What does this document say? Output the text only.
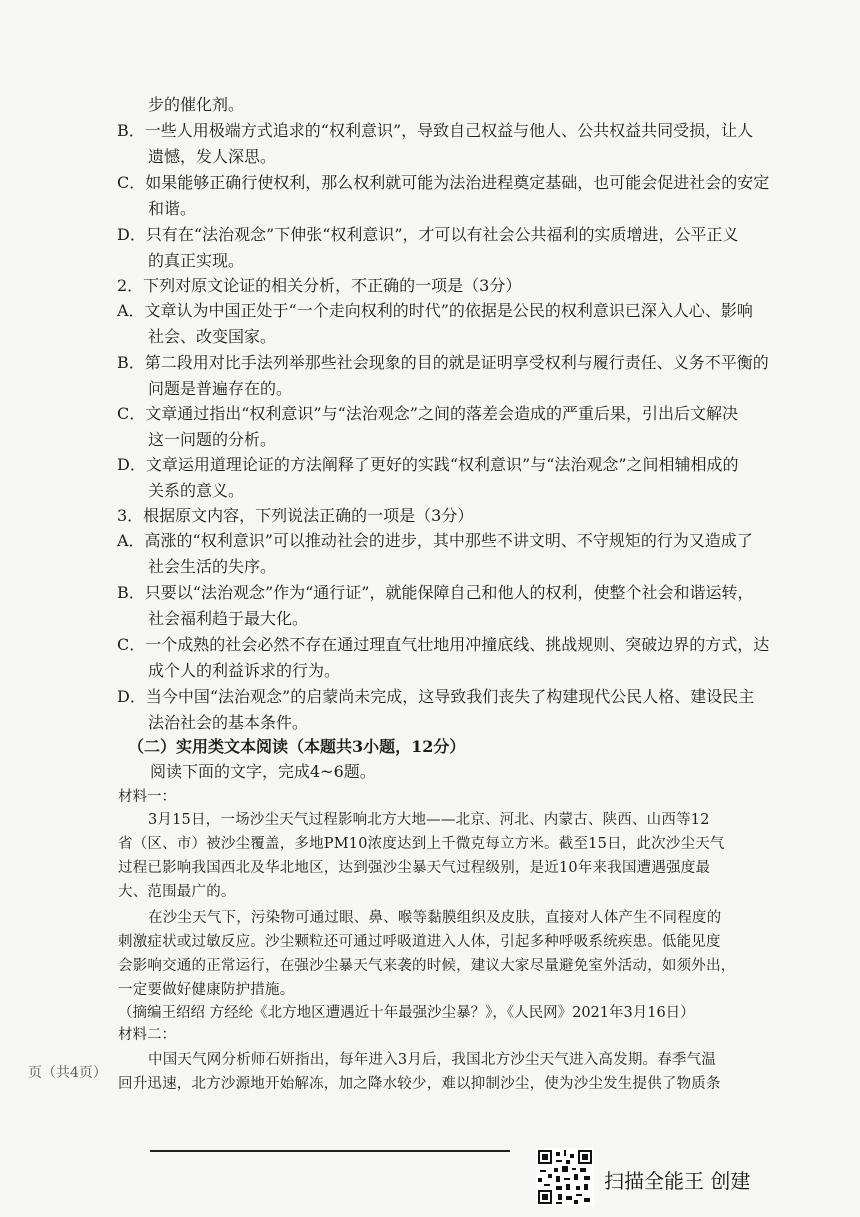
步的催化剂。
B．一些人用极端方式追求的“权利意识”，导致自己权益与他人、公共权益共同受损，让人
遗憾，发人深思。
C．如果能够正确行使权利，那么权利就可能为法治进程奠定基础，也可能会促进社会的安定
和谐。
D．只有在“法治观念”下伸张“权利意识”，才可以有社会公共福利的实质增进，公平正义
的真正实现。
2．下列对原文论证的相关分析，不正确的一项是（3分）
A．文章认为中国正处于“一个走向权利的时代”的依据是公民的权利意识已深入人心、影响
社会、改变国家。
B．第二段用对比手法列举那些社会现象的目的就是证明享受权利与履行责任、义务不平衡的
问题是普遍存在的。
C．文章通过指出“权利意识”与“法治观念”之间的落差会造成的严重后果，引出后文解决
这一问题的分析。
D．文章运用道理论证的方法阐释了更好的实践“权利意识”与“法治观念”之间相辅相成的
关系的意义。
3．根据原文内容，下列说法正确的一项是（3分）
A．高涨的“权利意识”可以推动社会的进步，其中那些不讲文明、不守规矩的行为又造成了
社会生活的失序。
B．只要以“法治观念”作为“通行证”，就能保障自己和他人的权利，使整个社会和谐运转，
社会福利趋于最大化。
C．一个成熟的社会必然不存在通过理直气壮地用冲撞底线、挑战规则、突破边界的方式，达
成个人的利益诉求的行为。
D．当今中国“法治观念”的启蒙尚未完成，这导致我们丧失了构建现代公民人格、建设民主
法治社会的基本条件。
（二）实用类文本阅读（本题共3小题，12分）
阅读下面的文字，完成4~6题。
材料一：
3月15日，一场沙尘天气过程影响北方大地——北京、河北、内蒙古、陕西、山西等12
省（区、市）被沙尘覆盖，多地PM10浓度达到上千微克每立方米。截至15日，此次沙尘天气
过程已影响我国西北及华北地区，达到强沙尘暴天气过程级别，是近10年来我国遭遇强度最
大、范围最广的。
在沙尘天气下，污染物可通过眼、鼻、喉等黏膜组织及皮肤，直接对人体产生不同程度的
刺激症状或过敏反应。沙尘颗粒还可通过呼吸道进入人体，引起多种呼吸系统疾患。低能见度
会影响交通的正常运行，在强沙尘暴天气来袭的时候，建议大家尽量避免室外活动，如须外出，
一定要做好健康防护措施。
（摘编王绍绍 方经纶《北方地区遭遇近十年最强沙尘暴？》，《人民网》2021年3月16日）
材料二：
中国天气网分析师石妍指出，每年进入3月后，我国北方沙尘天气进入高发期。春季气温
回升迅速，北方沙源地开始解冻，加之降水较少，难以抑制沙尘，使为沙尘发生提供了物质条
页（共4页）
扫描全能王 创建
